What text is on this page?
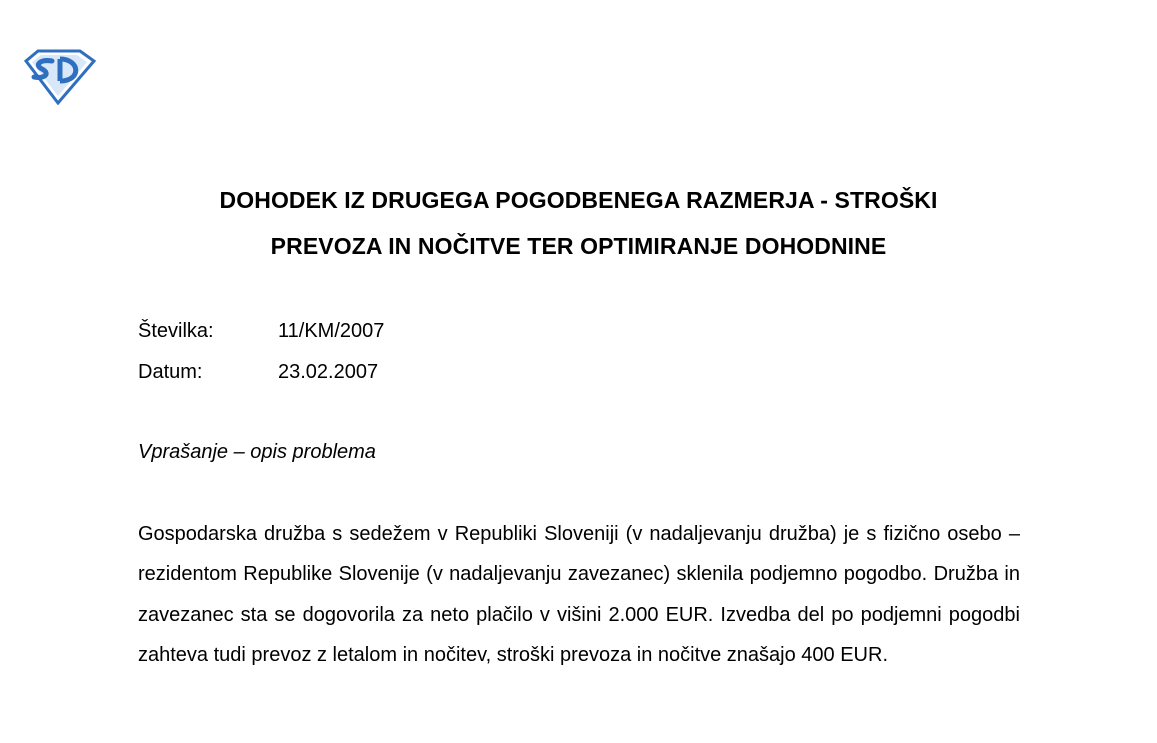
DOHODEK IZ DRUGEGA POGODBENEGA RAZMERJA - STROŠKI
PREVOZA IN NOČITVE TER OPTIMIRANJE DOHODNINE
Številka:	11/KM/2007
Datum:	23.02.2007
Vprašanje – opis problema
Gospodarska družba s sedežem v Republiki Sloveniji (v nadaljevanju družba) je s fizično osebo – rezidentom Republike Slovenije (v nadaljevanju zavezanec) sklenila podjemno pogodbo. Družba in zavezanec sta se dogovorila za neto plačilo v višini 2.000 EUR. Izvedba del po podjemni pogodbi zahteva tudi prevoz z letalom in nočitev, stroški prevoza in nočitve znašajo 400 EUR.
